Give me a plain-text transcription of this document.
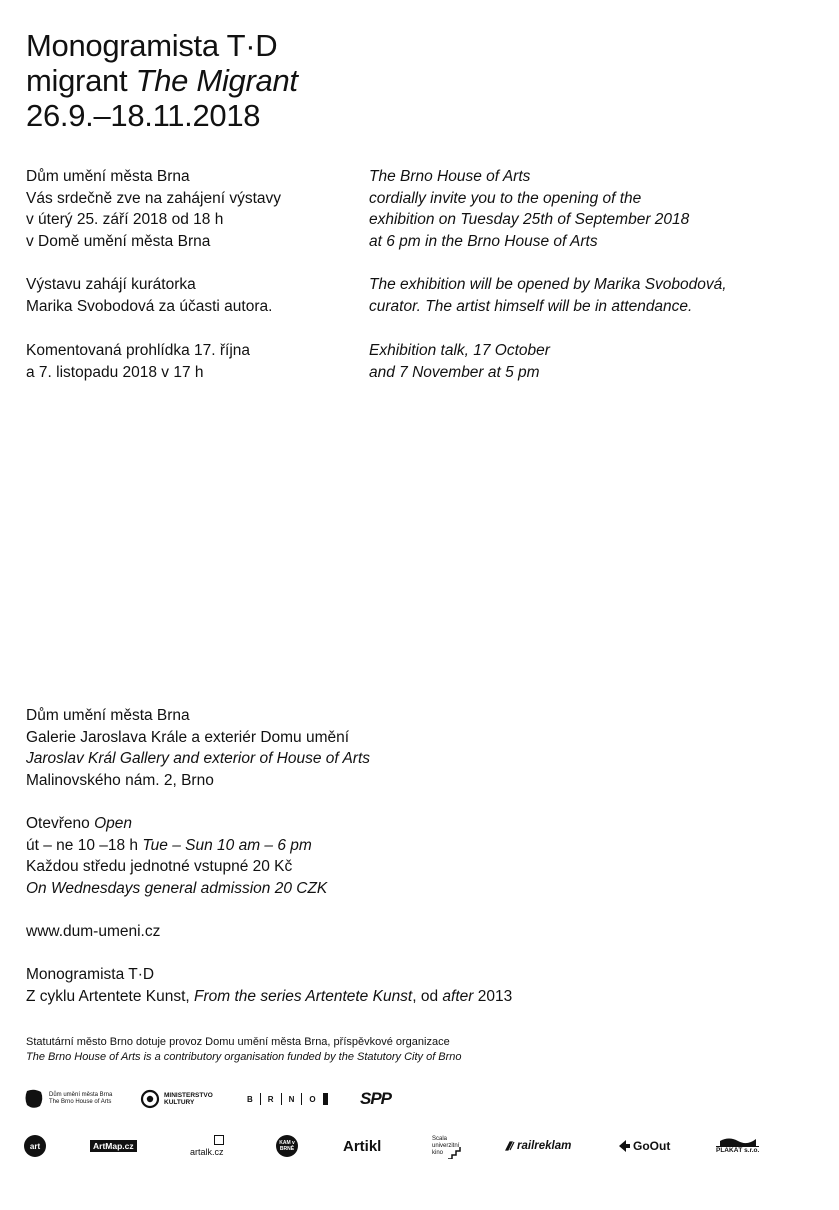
Monogramista T·D
migrant The Migrant
26.9.–18.11.2018
Dům umění města Brna
Vás srdečně zve na zahájení výstavy
v úterý 25. září 2018 od 18 h
v Domě umění města Brna
Výstavu zahájí kurátorka
Marika Svobodová za účasti autora.
Komentovaná prohlídka 17. října
a 7. listopadu 2018 v 17 h
The Brno House of Arts
cordially invite you to the opening of the
exhibition on Tuesday 25th of September 2018
at 6 pm in the Brno House of Arts
The exhibition will be opened by Marika Svobodová,
curator. The artist himself will be in attendance.
Exhibition talk, 17 October
and 7 November at 5 pm
Dům umění města Brna
Galerie Jaroslava Krále a exteriér Domu umění
Jaroslav Král Gallery and exterior of House of Arts
Malinovského nám. 2, Brno
Otevřeno Open
út – ne 10 –18 h Tue – Sun 10 am – 6 pm
Každou středu jednotné vstupné 20 Kč
On Wednesdays general admission 20 CZK
www.dum-umeni.cz
Monogramista T·D
Z cyklu Artentete Kunst, From the series Artentete Kunst, od after 2013
Statutární město Brno dotuje provoz Domu umění města Brna, příspěvkové organizace
The Brno House of Arts is a contributory organisation funded by the Statutory City of Brno
Dům umění města Brna
The Brno House of Arts
MINISTERSTVO
KULTURY	B R N O	SPP
art	ArtMap.cz
artalk.cz
KAM v BRNĚ	Artikl	Scala
univerzitní
kino
railreklam	GoOut	PLAKÁT s.r.o.
